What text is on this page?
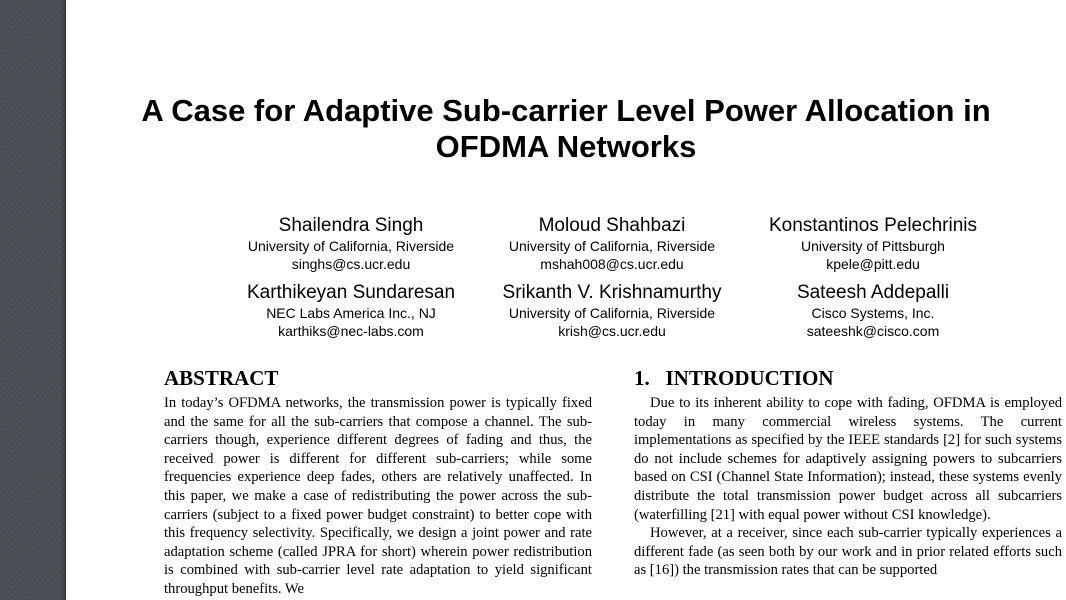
A Case for Adaptive Sub-carrier Level Power Allocation in
OFDMA Networks
Shailendra Singh
University of California, Riverside
singhs@cs.ucr.edu
Moloud Shahbazi
University of California, Riverside
mshah008@cs.ucr.edu
Konstantinos Pelechrinis
University of Pittsburgh
kpele@pitt.edu
Karthikeyan Sundaresan
NEC Labs America Inc., NJ
karthiks@nec-labs.com
Srikanth V. Krishnamurthy
University of California, Riverside
krish@cs.ucr.edu
Sateesh Addepalli
Cisco Systems, Inc.
sateeshk@cisco.com
ABSTRACT

In today’s OFDMA networks, the transmission power is typically fixed and the same for all the sub-carriers that compose a channel. The sub-carriers though, experience different degrees of fading and thus, the received power is different for different sub-carriers; while some frequencies experience deep fades, others are relatively unaffected. In this paper, we make a case of redistributing the power across the sub-carriers (subject to a fixed power budget constraint) to better cope with this frequency selectivity. Specifically, we design a joint power and rate adaptation scheme (called JPRA for short) wherein power redistribution is combined with sub-carrier level rate adaptation to yield significant throughput benefits. We

1.   INTRODUCTION

Due to its inherent ability to cope with fading, OFDMA is employed today in many commercial wireless systems. The current implementations as specified by the IEEE standards [2] for such systems do not include schemes for adaptively assigning powers to subcarriers based on CSI (Channel State Information); instead, these systems evenly distribute the total transmission power budget across all subcarriers (waterfilling [21] with equal power without CSI knowledge).

However, at a receiver, since each sub-carrier typically experiences a different fade (as seen both by our work and in prior related efforts such as [16]) the transmission rates that can be supported
